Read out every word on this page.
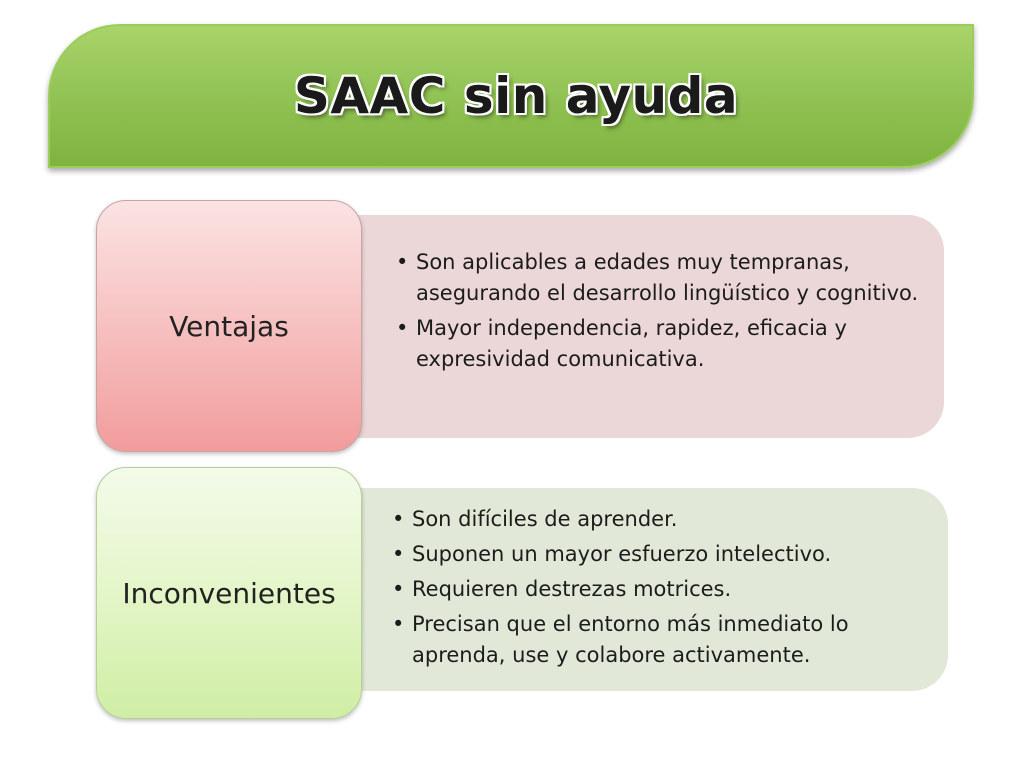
SAAC sin ayuda
• Son aplicables a edades muy tempranas, asegurando el desarrollo lingüístico y cognitivo.
• Mayor independencia, rapidez, eficacia y expresividad comunicativa.
Ventajas
• Son difíciles de aprender.
• Suponen un mayor esfuerzo intelectivo.
• Requieren destrezas motrices.
• Precisan que el entorno más inmediato lo aprenda, use y colabore activamente.
Inconvenientes
